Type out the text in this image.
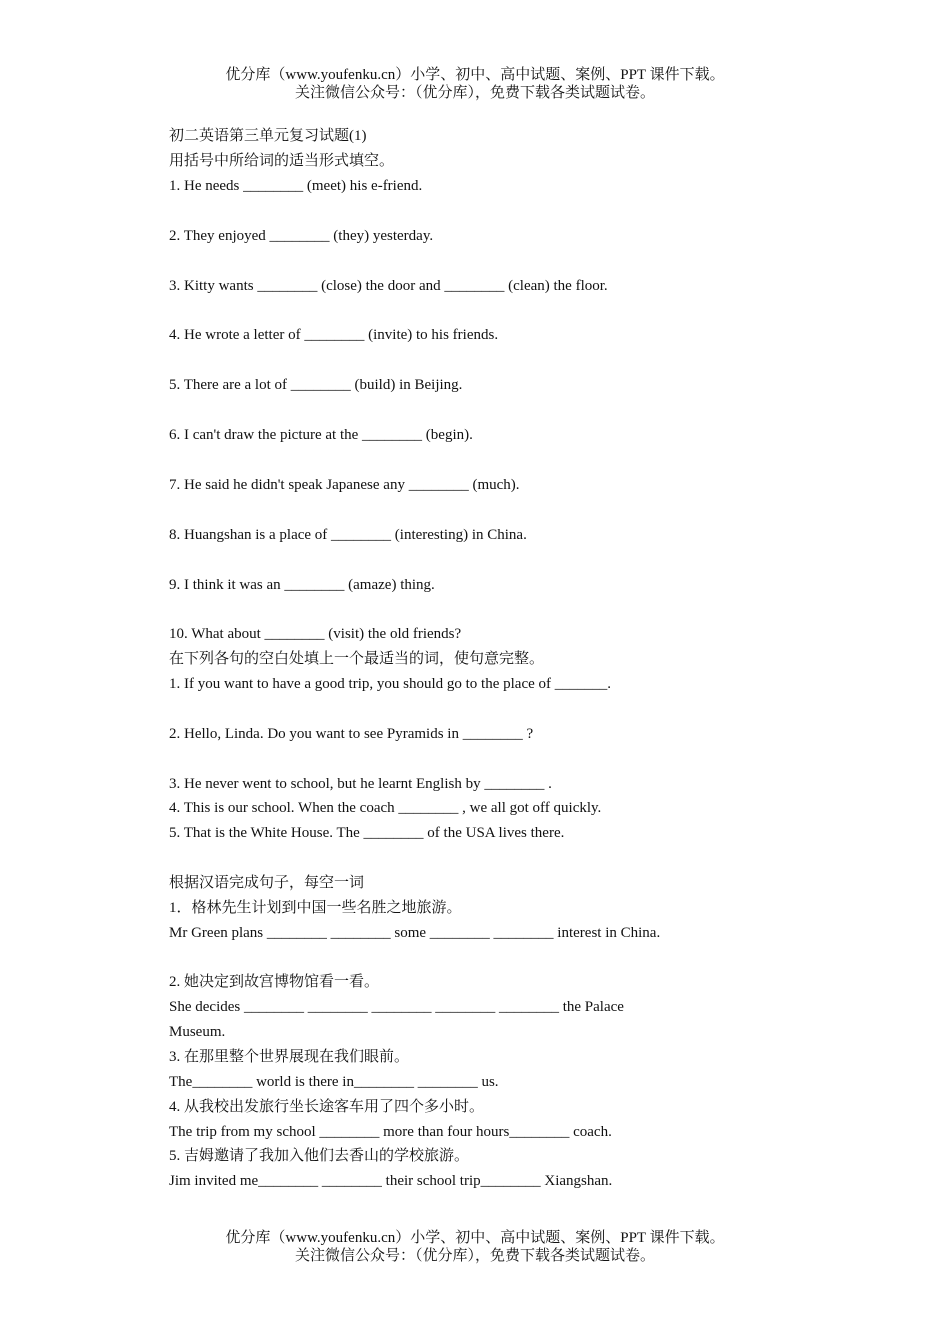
优分库（www.youfenku.cn）小学、初中、高中试题、案例、PPT 课件下载。
关注微信公众号：（优分库），免费下载各类试题试卷。
初二英语第三单元复习试题(1)
用括号中所给词的适当形式填空。
1. He needs ________ (meet) his e-friend.
2. They enjoyed ________ (they) yesterday.
3. Kitty wants ________ (close) the door and ________ (clean) the floor.
4. He wrote a letter of ________ (invite) to his friends.
5. There are a lot of ________ (build) in Beijing.
6. I can't draw the picture at the ________ (begin).
7. He said he didn't speak Japanese any ________ (much).
8. Huangshan is a place of ________ (interesting) in China.
9. I think it was an ________ (amaze) thing.
10. What about ________ (visit) the old friends?
在下列各句的空白处填上一个最适当的词，使句意完整。
1. If you want to have a good trip, you should go to the place of _______.
2. Hello, Linda. Do you want to see Pyramids in ________ ?
3. He never went to school, but he learnt English by ________ .
4. This is our school. When the coach ________ , we all got off quickly.
5. That is the White House. The ________ of the USA lives there.
根据汉语完成句子，每空一词
1．格林先生计划到中国一些名胜之地旅游。
Mr Green plans ________ ________ some ________ ________ interest in China.
2. 她决定到故宫博物馆看一看。
She decides ________ ________ ________ ________ ________ the Palace
Museum.
3. 在那里整个世界展现在我们眼前。
The________ world is there in________ ________ us.
4. 从我校出发旅行坐长途客车用了四个多小时。
The trip from my school ________ more than four hours________ coach.
5. 吉姆邀请了我加入他们去香山的学校旅游。
Jim invited me________ ________ their school trip________ Xiangshan.
优分库（www.youfenku.cn）小学、初中、高中试题、案例、PPT 课件下载。
关注微信公众号：（优分库），免费下载各类试题试卷。
